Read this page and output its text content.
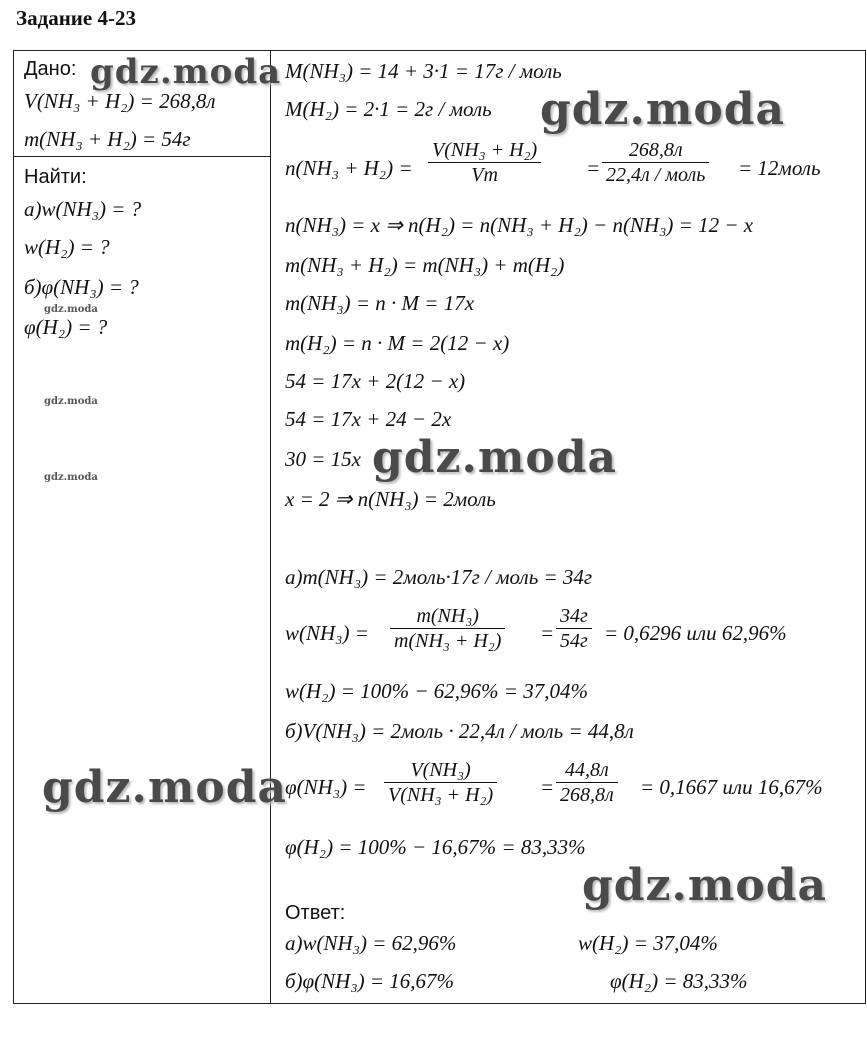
Задание 4-23
Дано:
V(NH₃ + H₂) = 268,8л
m(NH₃ + H₂) = 54г
Найти:
а)w(NH₃) = ?
w(H₂) = ?
б)φ(NH₃) = ?
φ(H₂) = ?
M(NH₃) = 14 + 3·1 = 17г / моль
M(H₂) = 2·1 = 2г / моль
n(NH₃ + H₂) =
V(NH₃ + H₂)
Vm	=
268,8л
22,4л / моль = 12моль
n(NH₃) = x ⇒ n(H₂) = n(NH₃ + H₂) − n(NH₃) = 12 − x
m(NH₃ + H₂) = m(NH₃) + m(H₂)
m(NH₃) = n · M = 17x
m(H₂) = n · M = 2(12 − x)
54 = 17x + 2(12 − x)
54 = 17x + 24 − 2x
30 = 15x
x = 2 ⇒ n(NH₃) = 2моль
а)m(NH₃) = 2моль·17г / моль = 34г
w(NH₃) =
m(NH₃)
m(NH₃ + H₂) =
34г
54г = 0,6296 или 62,96%
w(H₂) = 100% − 62,96% = 37,04%
б)V(NH₃) = 2моль · 22,4л / моль = 44,8л
φ(NH₃) =
V(NH₃)
V(NH₃ + H₂) =
44,8л
268,8л = 0,1667 или 16,67%
φ(H₂) = 100% − 16,67% = 83,33%
Ответ:
а)w(NH₃) = 62,96%	w(H₂) = 37,04%
б)φ(NH₃) = 16,67%	φ(H₂) = 83,33%
gdz.moda
gdz.moda
gdz.moda
gdz.moda
gdz.moda	gdz.moda
gdz.moda
gdz.moda
